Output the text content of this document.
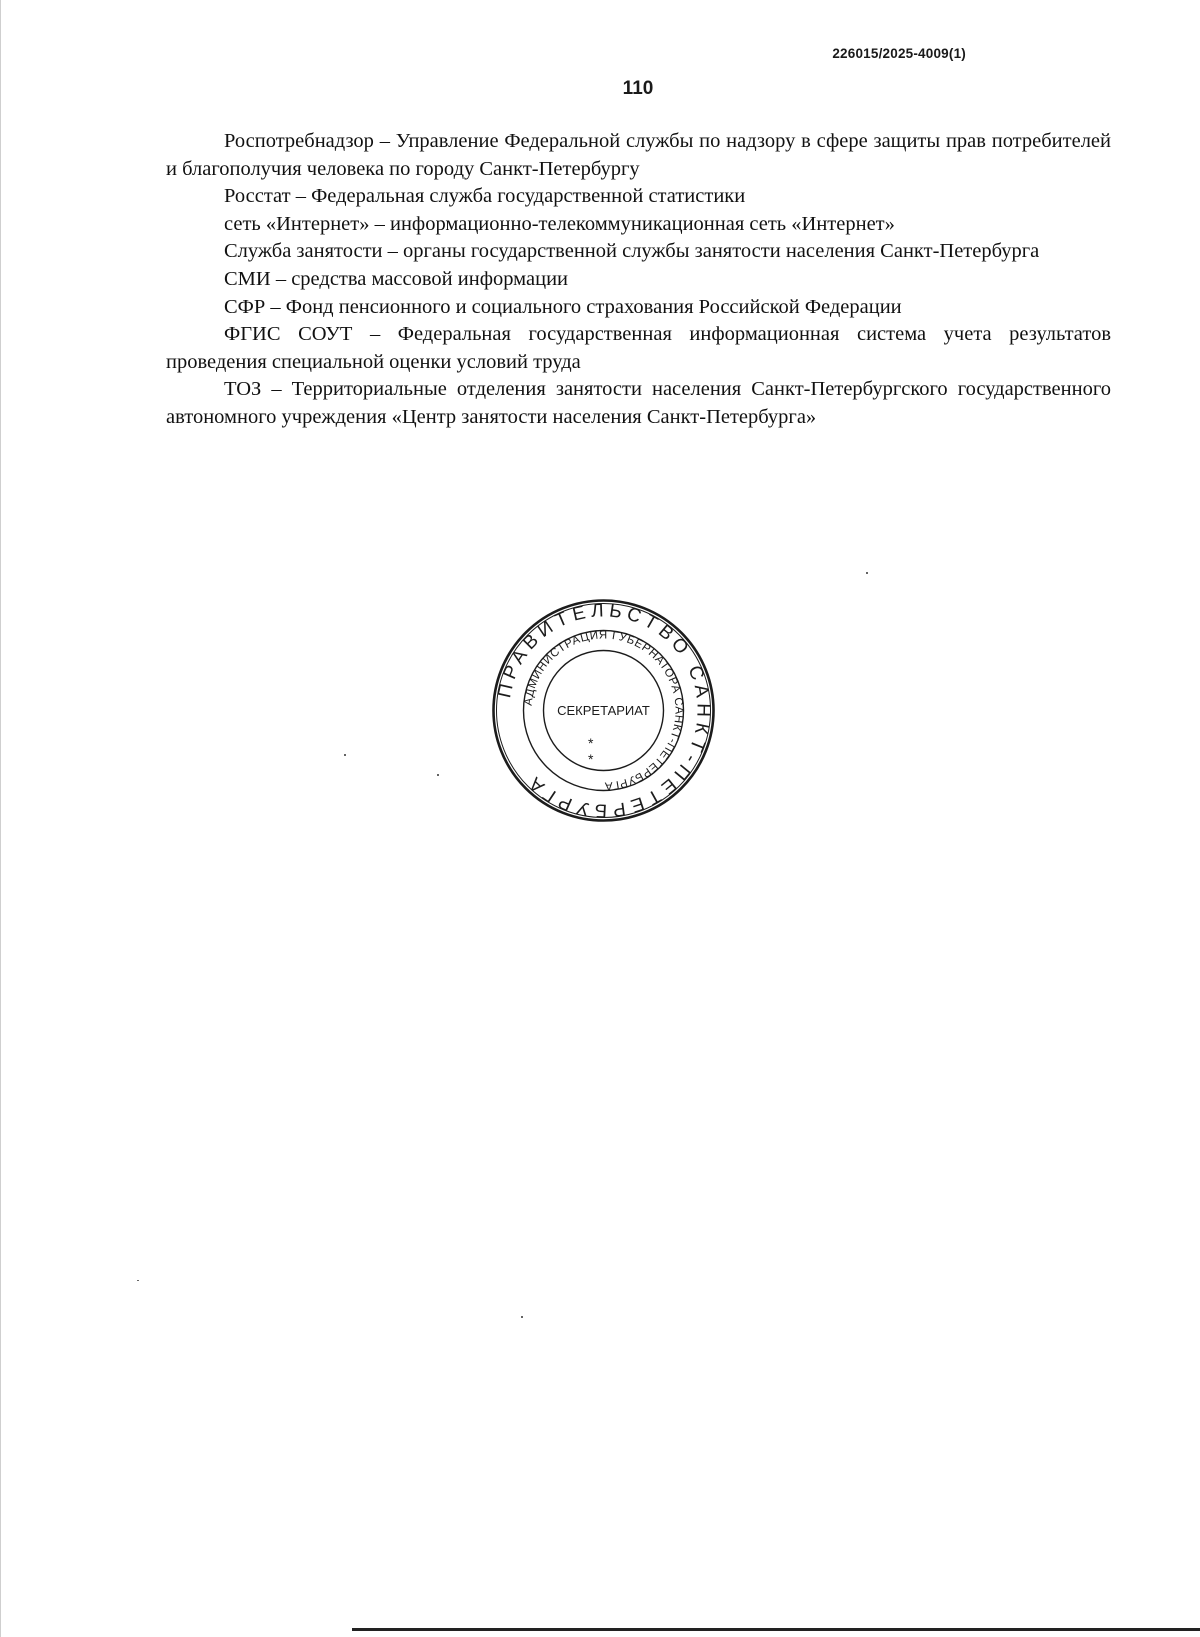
226015/2025-4009(1)
110

Роспотребнадзор – Управление Федеральной службы по надзору в сфере защиты прав потребителей и благополучия человека по городу Санкт-Петербургу

Росстат – Федеральная служба государственной статистики

сеть «Интернет» – информационно-телекоммуникационная сеть «Интернет»

Служба занятости – органы государственной службы занятости населения Санкт-Петербурга

СМИ – средства массовой информации

СФР – Фонд пенсионного и социального страхования Российской Федерации

ФГИС СОУТ – Федеральная государственная информационная система учета результатов проведения специальной оценки условий труда

ТОЗ – Территориальные отделения занятости населения Санкт-Петербургского государственного автономного учреждения «Центр занятости населения Санкт-Петербурга»

ПРАВИТЕЛЬСТВО САНКТ-ПЕТЕРБУРГА
АДМИНИСТРАЦИЯ ГУБЕРНАТОРА САНКТ-ПЕТЕРБУРГА
СЕКРЕТАРИАТ
*
*
